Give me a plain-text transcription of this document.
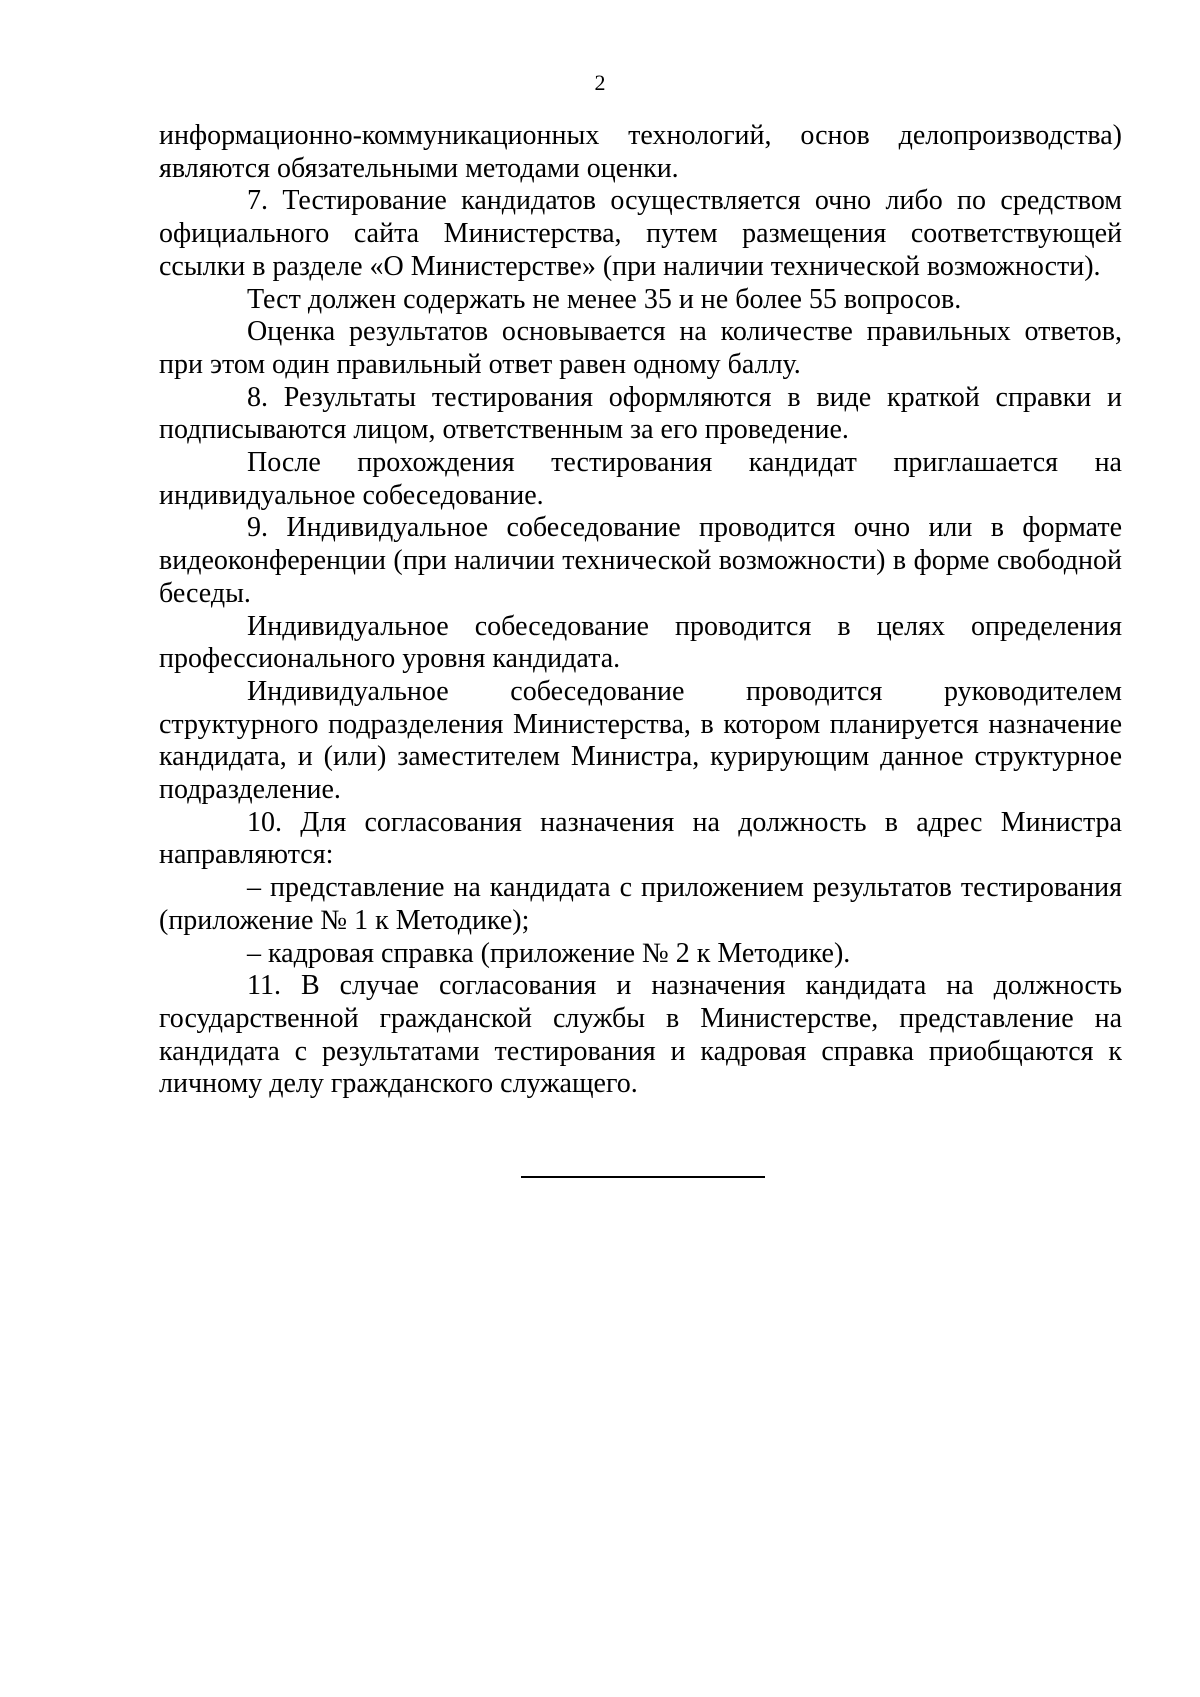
2

информационно-коммуникационных технологий, основ делопроизводства) являются обязательными методами оценки.

7. Тестирование кандидатов осуществляется очно либо по средством официального сайта Министерства, путем размещения соответствующей ссылки в разделе «О Министерстве» (при наличии технической возможности).

Тест должен содержать не менее 35 и не более 55 вопросов.

Оценка результатов основывается на количестве правильных ответов, при этом один правильный ответ равен одному баллу.

8. Результаты тестирования оформляются в виде краткой справки и подписываются лицом, ответственным за его проведение.

После прохождения тестирования кандидат приглашается на индивидуальное собеседование.

9. Индивидуальное собеседование проводится очно или в формате видеоконференции (при наличии технической возможности) в форме свободной беседы.

Индивидуальное собеседование проводится в целях определения профессионального уровня кандидата.

Индивидуальное собеседование проводится руководителем структурного подразделения Министерства, в котором планируется назначение кандидата, и (или) заместителем Министра, курирующим данное структурное подразделение.

10. Для согласования назначения на должность в адрес Министра направляются:

– представление на кандидата с приложением результатов тестирования (приложение № 1 к Методике);

– кадровая справка (приложение № 2 к Методике).

11. В случае согласования и назначения кандидата на должность государственной гражданской службы в Министерстве, представление на кандидата с результатами тестирования и кадровая справка приобщаются к личному делу гражданского служащего.
